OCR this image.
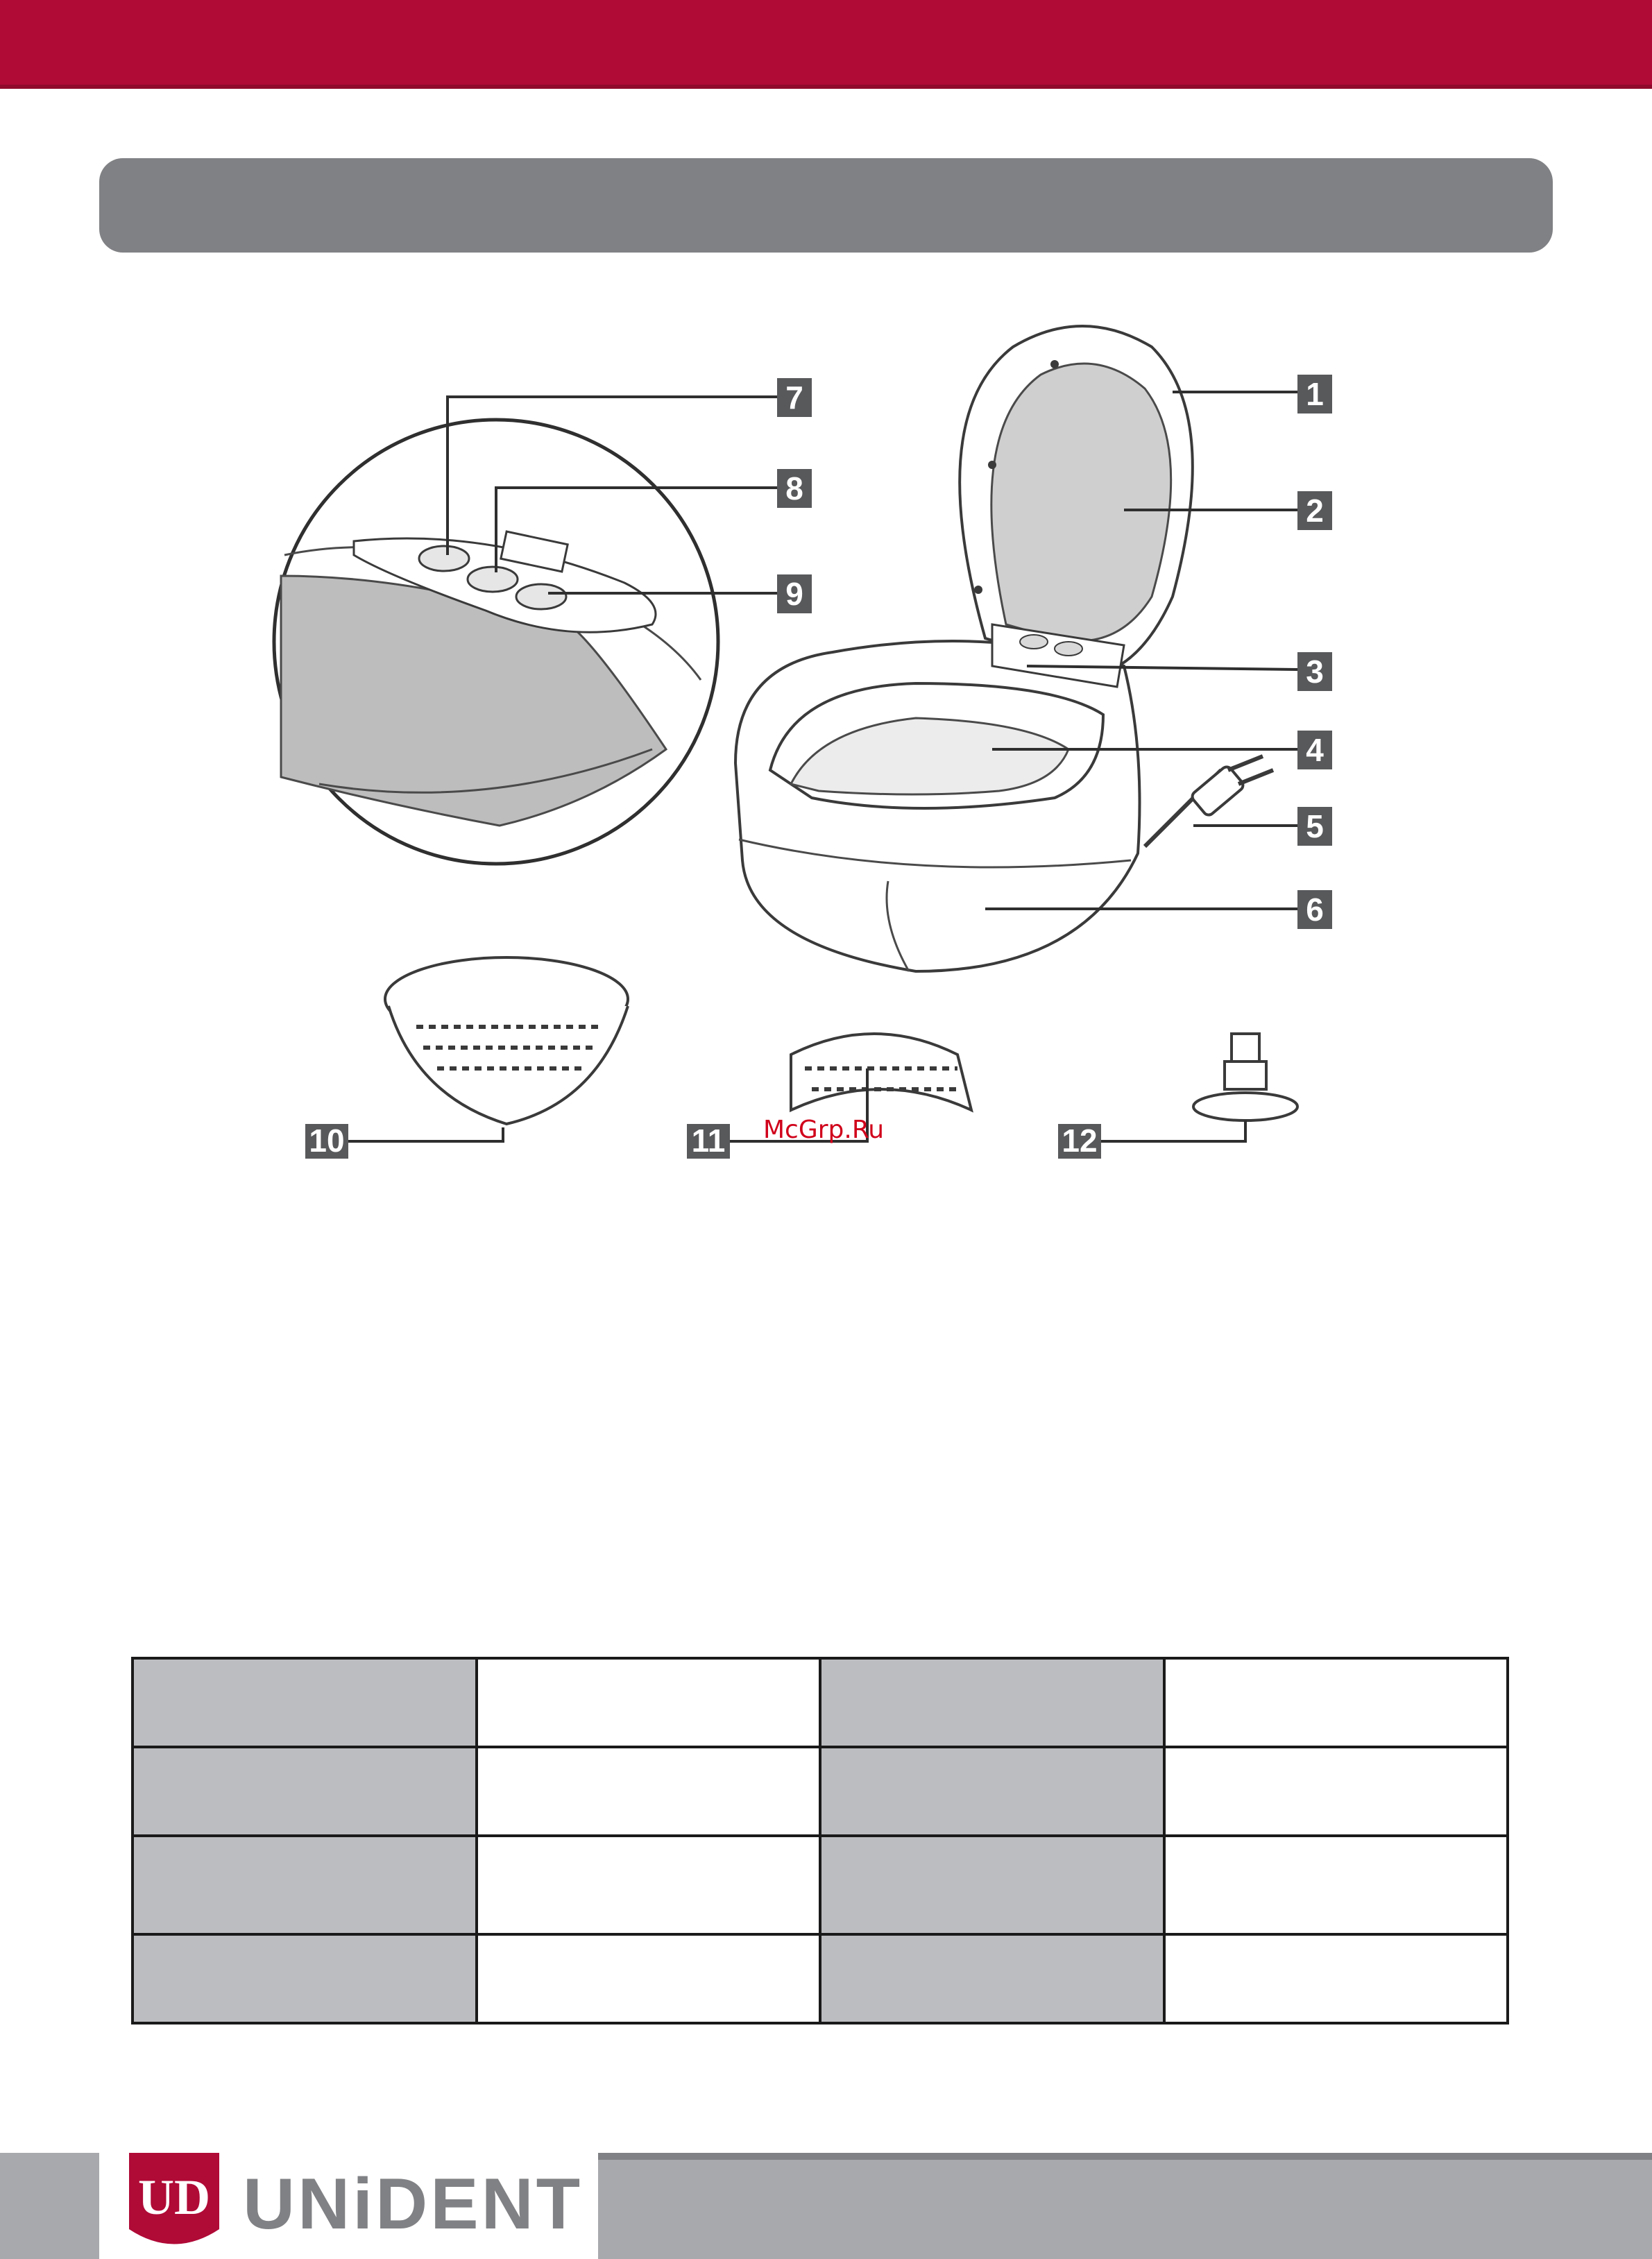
1
2
3
4
5
6
7
8
9
10	11	12
McGrp.Ru

UD UNiDENT
